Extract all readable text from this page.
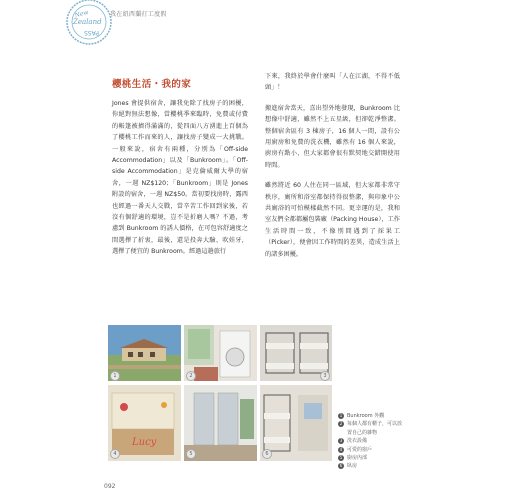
New
Zealand
PASS
我在紐西蘭打工度假
櫻桃生活・我的家

Jones 會提供宿舍，讓我免除了找房子的困擾，你絕對無法想像，當櫻桃季來臨時，免費或付費的帳篷被擠得滿滿的，從四面八方湧進上百個為了櫻桃工作而來的人，讓找房子變成一大挑戰。一般來說，宿舍有兩種，分別為「Off-side Accommodation」以及「Bunkroom」。「Off-side Accommodation」是克倫威爾大學的宿舍，一週 NZ$120；「Bunkroom」則是 Jones 附設的宿舍，一週 NZ$50。當初要找房時，露西也經過一番天人交戰，當辛苦工作回到家後，若沒有個舒適的環境，豈不是折磨人嗎？不過，考慮到 Bunkroom 的誘人價格，在可包容舒適度之間選擇了折衷，最後，還是投奔大驗、吹娃牙，選擇了便宜的 Bunkroom。經過這趟旅行

下來，我終於學會什麼叫「人在江湖，不得不低頭」！

搬進宿舍當天，喜出望外地發現，Bunkroom 比想像中舒適，雖然不上五星級，但卻乾淨整潔。整個宿舍區有 3 棟房子，16 個人一間，設有公用廚房和免費的洗衣機，雖然有 16 個人來說，廚房有點小，但大家都會很有默契地交錯開使用時間。

雖然將近 60 人住在同一區域，但大家都非常守秩序，廁所和浴室都保持得很整潔，與印象中公共廁浴的可怕模樣截然不同。更幸運的是，我和室友們全都都屬包裝廠（Packing House），工作生活時間一致，不像別間遇到了採果工（Picker），便會因工作時間的差異，造成生活上的諸多困擾。

1	2	3
Lucy
4	5	6
1 Bunkroom 外觀
2 每個人都有櫃子，可以放置自己的雜物
3 洗衣設備
4 可愛的窗戶
5 廚房內部
6 臥房
092
